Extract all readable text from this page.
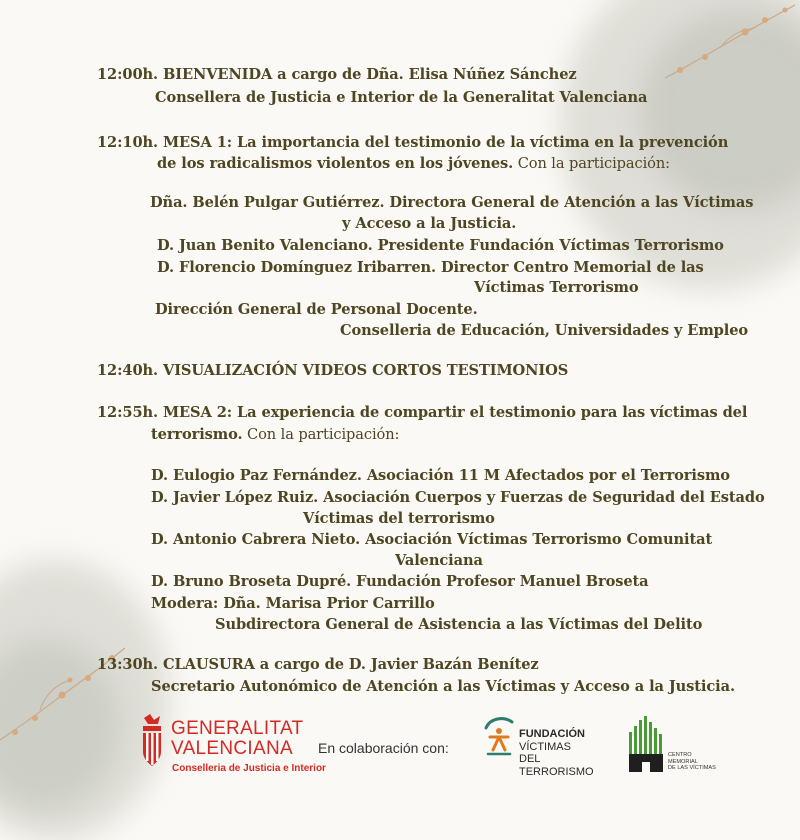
12:00h. BIENVENIDA a cargo de Dña. Elisa Núñez Sánchez
Consellera de Justicia e Interior de la Generalitat Valenciana
12:10h. MESA 1: La importancia del testimonio de la víctima en la prevención
de los radicalismos violentos en los jóvenes. Con la participación:
Dña. Belén Pulgar Gutiérrez. Directora General de Atención a las Víctimas
y Acceso a la Justicia.
D. Juan Benito Valenciano. Presidente Fundación Víctimas Terrorismo
D. Florencio Domínguez Iribarren. Director Centro Memorial de las
Víctimas Terrorismo
Dirección General de Personal Docente.
Conselleria de Educación, Universidades y Empleo
12:40h. VISUALIZACIÓN VIDEOS CORTOS TESTIMONIOS
12:55h. MESA 2: La experiencia de compartir el testimonio para las víctimas del
terrorismo. Con la participación:
D. Eulogio Paz Fernández. Asociación 11 M Afectados por el Terrorismo
D. Javier López Ruiz. Asociación Cuerpos y Fuerzas de Seguridad del Estado
Víctimas del terrorismo
D. Antonio Cabrera Nieto. Asociación Víctimas Terrorismo Comunitat
Valenciana
D. Bruno Broseta Dupré. Fundación Profesor Manuel Broseta
Modera: Dña. Marisa Prior Carrillo
Subdirectora General de Asistencia a las Víctimas del Delito
13:30h. CLAUSURA a cargo de D. Javier Bazán Benítez
Secretario Autonómico de Atención a las Víctimas y Acceso a la Justicia.
GENERALITAT
VALENCIANA
Conselleria de Justicia e Interior
En colaboración con:
FUNDACIÓN
VÍCTIMAS
DEL
TERRORISMO
CENTRO
MEMORIAL
DE LAS VÍCTIMAS
